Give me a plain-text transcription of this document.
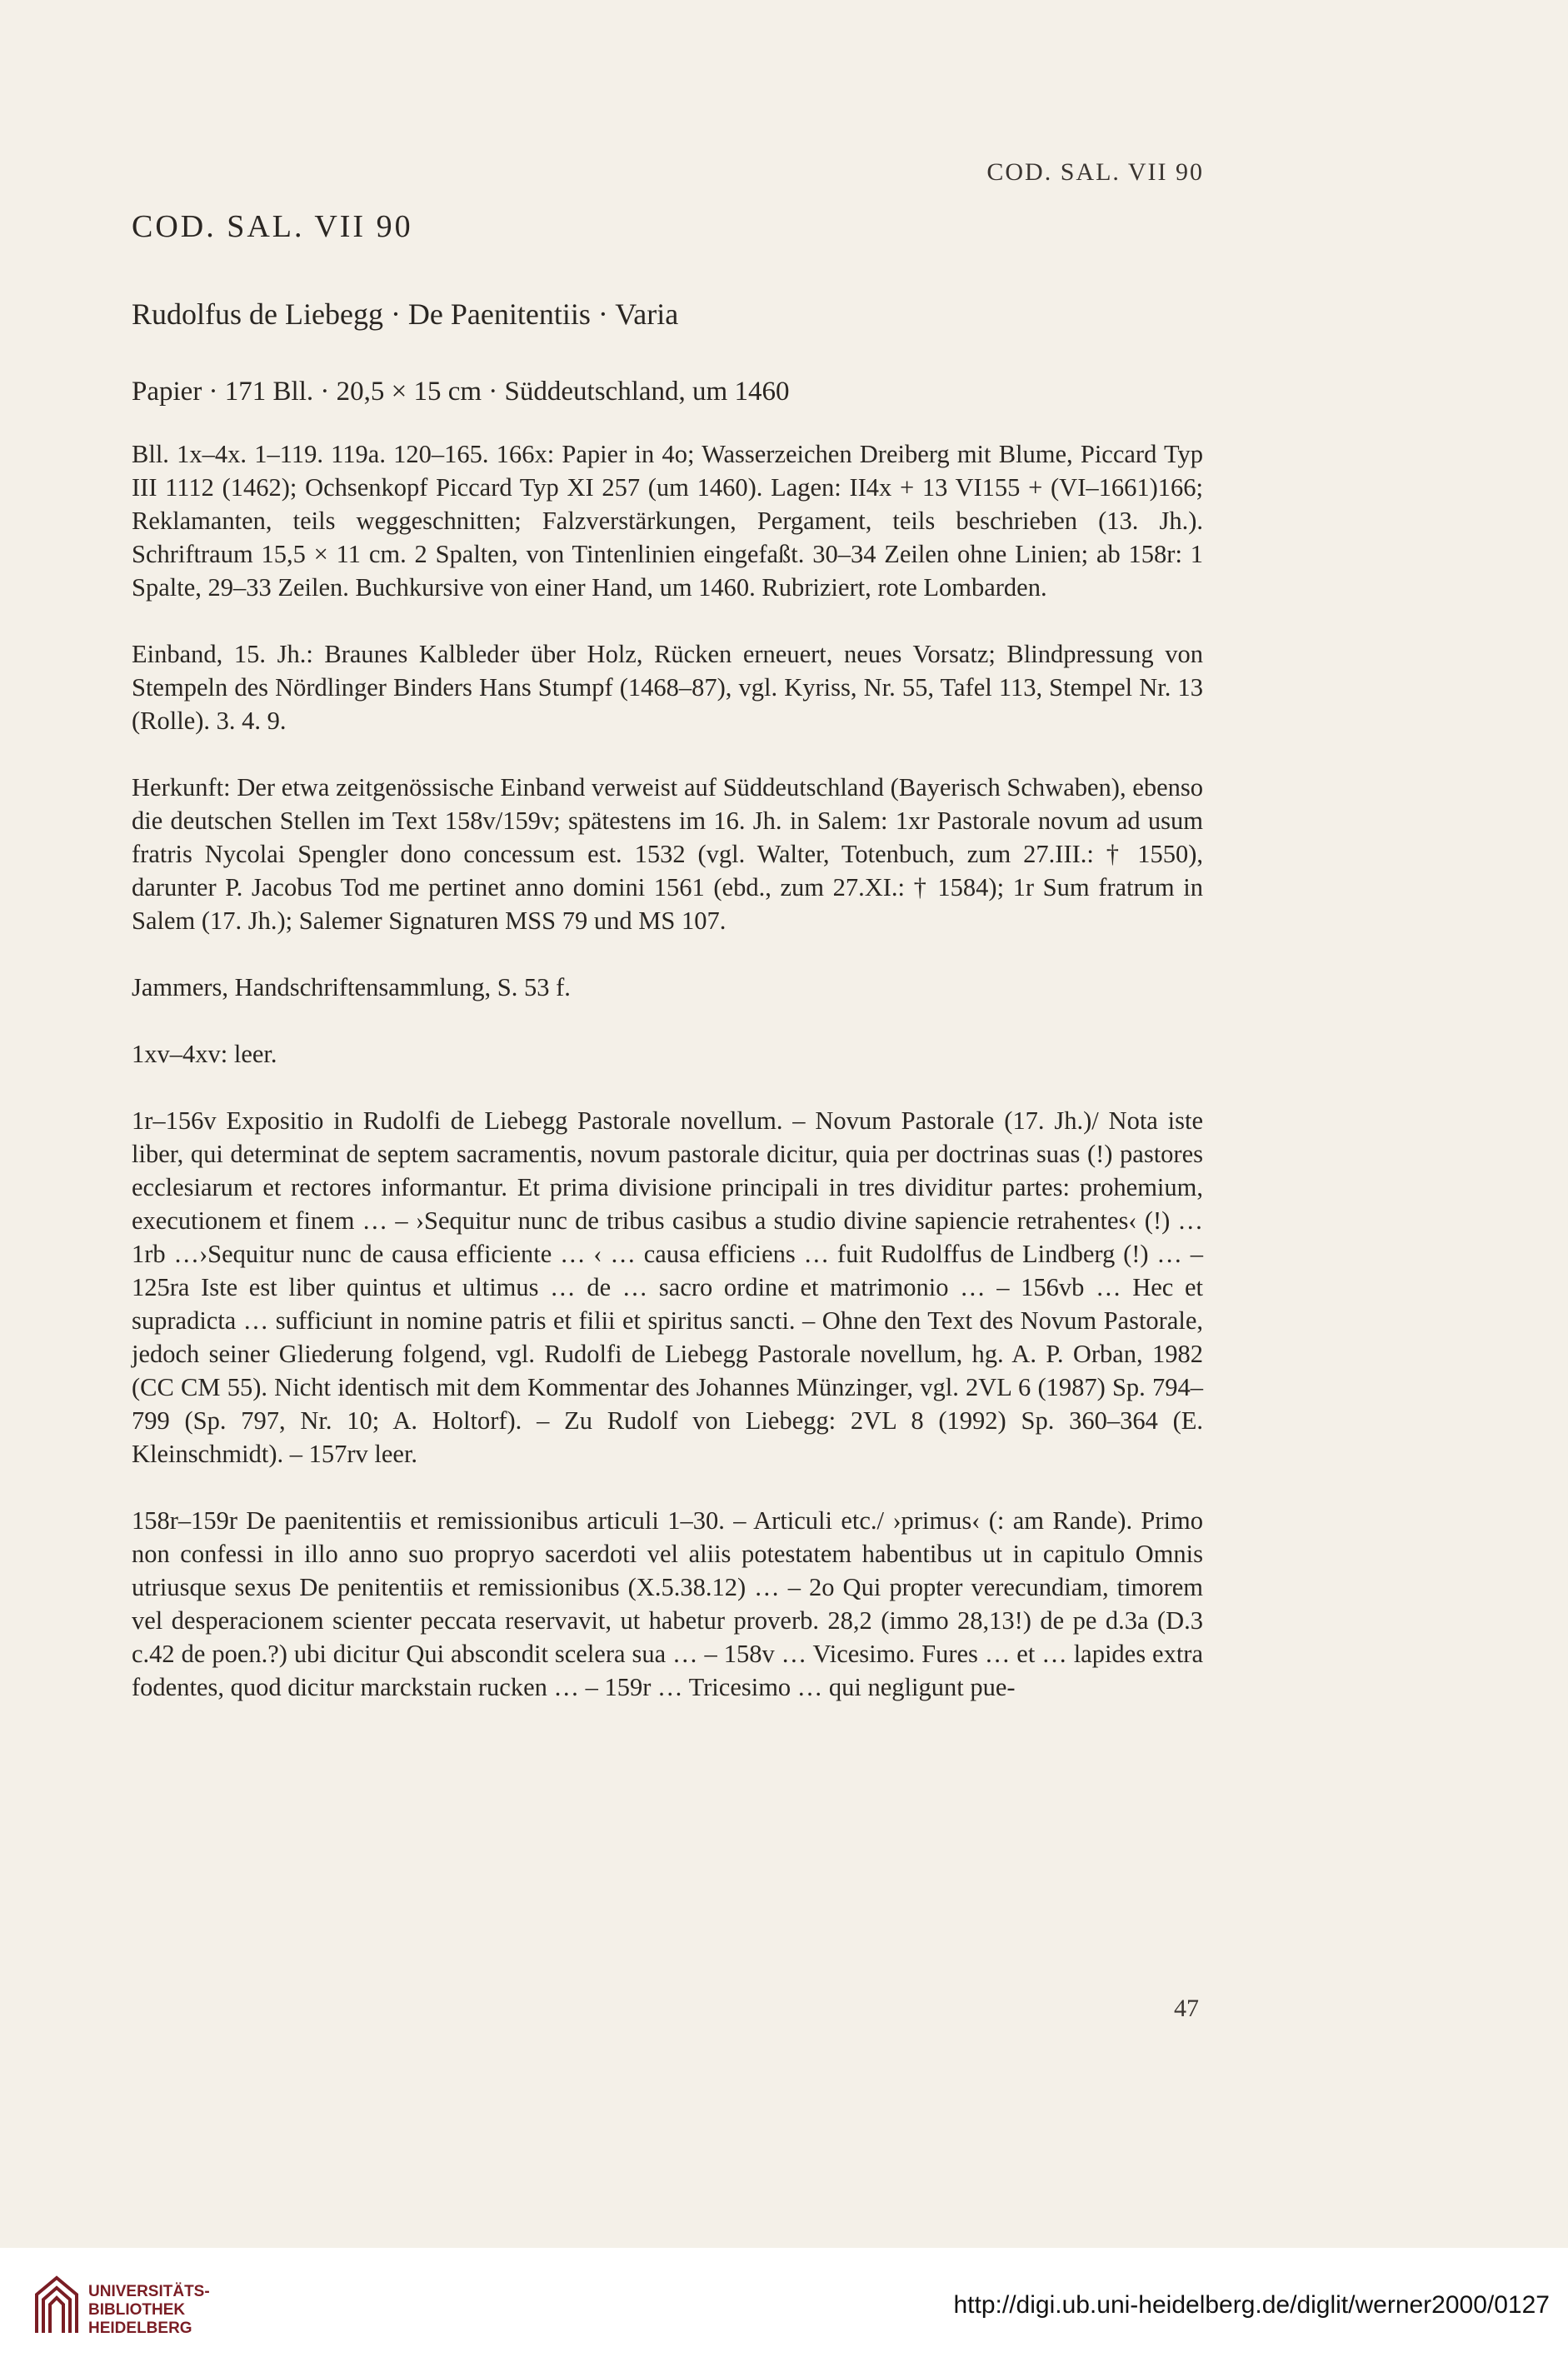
COD. SAL. VII 90
COD. SAL. VII 90
Rudolfus de Liebegg · De Paenitentiis · Varia
Papier · 171 Bll. · 20,5 × 15 cm · Süddeutschland, um 1460

Bll. 1x–4x. 1–119. 119a. 120–165. 166x: Papier in 4o; Wasserzeichen Dreiberg mit Blume, Piccard Typ III 1112 (1462); Ochsenkopf Piccard Typ XI 257 (um 1460). Lagen: II4x + 13 VI155 + (VI–1661)166; Reklamanten, teils weggeschnitten; Falzverstärkungen, Pergament, teils beschrieben (13. Jh.). Schriftraum 15,5 × 11 cm. 2 Spalten, von Tintenlinien eingefaßt. 30–34 Zeilen ohne Linien; ab 158r: 1 Spalte, 29–33 Zeilen. Buchkursive von einer Hand, um 1460. Rubriziert, rote Lombarden.

Einband, 15. Jh.: Braunes Kalbleder über Holz, Rücken erneuert, neues Vorsatz; Blindpressung von Stempeln des Nördlinger Binders Hans Stumpf (1468–87), vgl. Kyriss, Nr. 55, Tafel 113, Stempel Nr. 13 (Rolle). 3. 4. 9.

Herkunft: Der etwa zeitgenössische Einband verweist auf Süddeutschland (Bayerisch Schwaben), ebenso die deutschen Stellen im Text 158v/159v; spätestens im 16. Jh. in Salem: 1xr Pastorale novum ad usum fratris Nycolai Spengler dono concessum est. 1532 (vgl. Walter, Totenbuch, zum 27.III.: † 1550), darunter P. Jacobus Tod me pertinet anno domini 1561 (ebd., zum 27.XI.: † 1584); 1r Sum fratrum in Salem (17. Jh.); Salemer Signaturen MSS 79 und MS 107.

Jammers, Handschriftensammlung, S. 53 f.

1xv–4xv: leer.

1r–156v Expositio in Rudolfi de Liebegg Pastorale novellum. – Novum Pastorale (17. Jh.)/ Nota iste liber, qui determinat de septem sacramentis, novum pastorale dicitur, quia per doctrinas suas (!) pastores ecclesiarum et rectores informantur. Et prima divisione principali in tres dividitur partes: prohemium, executionem et finem … – ›Sequitur nunc de tribus casibus a studio divine sapiencie retrahentes‹ (!) … 1rb …›Sequitur nunc de causa efficiente … ‹ … causa efficiens … fuit Rudolffus de Lindberg (!) … – 125ra Iste est liber quintus et ultimus … de … sacro ordine et matrimonio … – 156vb … Hec et supradicta … sufficiunt in nomine patris et filii et spiritus sancti. – Ohne den Text des Novum Pastorale, jedoch seiner Gliederung folgend, vgl. Rudolfi de Liebegg Pastorale novellum, hg. A. P. Orban, 1982 (CC CM 55). Nicht identisch mit dem Kommentar des Johannes Münzinger, vgl. 2VL 6 (1987) Sp. 794–799 (Sp. 797, Nr. 10; A. Holtorf). – Zu Rudolf von Liebegg: 2VL 8 (1992) Sp. 360–364 (E. Kleinschmidt). – 157rv leer.

158r–159r De paenitentiis et remissionibus articuli 1–30. – Articuli etc./ ›primus‹ (: am Rande). Primo non confessi in illo anno suo propryo sacerdoti vel aliis potestatem habentibus ut in capitulo Omnis utriusque sexus De penitentiis et remissionibus (X.5.38.12) … – 2o Qui propter verecundiam, timorem vel desperacionem scienter peccata reservavit, ut habetur proverb. 28,2 (immo 28,13!) de pe d.3a (D.3 c.42 de poen.?) ubi dicitur Qui abscondit scelera sua … – 158v … Vicesimo. Fures … et … lapides extra fodentes, quod dicitur marckstain rucken … – 159r … Tricesimo … qui negligunt pue-

47
UNIVERSITÄTS-
BIBLIOTHEK
HEIDELBERG
http://digi.ub.uni-heidelberg.de/diglit/werner2000/0127
